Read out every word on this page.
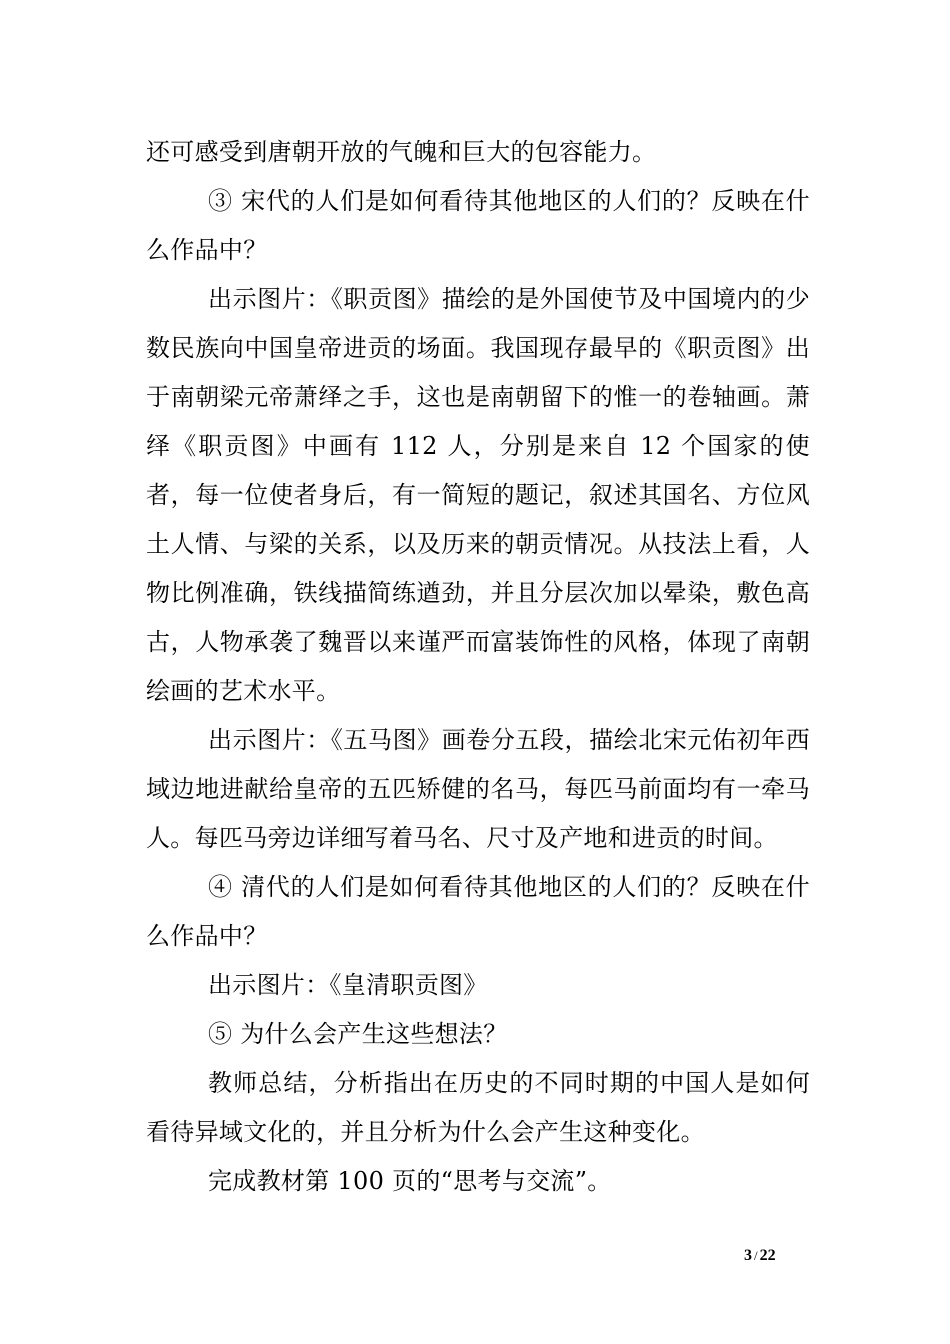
还可感受到唐朝开放的气魄和巨大的包容能力。

③ 宋代的人们是如何看待其他地区的人们的？反映在什么作品中？

出示图片：《职贡图》描绘的是外国使节及中国境内的少数民族向中国皇帝进贡的场面。我国现存最早的《职贡图》出于南朝梁元帝萧绎之手，这也是南朝留下的惟一的卷轴画。萧绎《职贡图》中画有 112 人，分别是来自 12 个国家的使者，每一位使者身后，有一简短的题记，叙述其国名、方位风土人情、与梁的关系，以及历来的朝贡情况。从技法上看，人物比例准确，铁线描简练遒劲，并且分层次加以晕染，敷色高古，人物承袭了魏晋以来谨严而富装饰性的风格，体现了南朝绘画的艺术水平。

出示图片：《五马图》画卷分五段，描绘北宋元佑初年西域边地进献给皇帝的五匹矫健的名马，每匹马前面均有一牵马人。每匹马旁边详细写着马名、尺寸及产地和进贡的时间。

④ 清代的人们是如何看待其他地区的人们的？反映在什么作品中？

出示图片：《皇清职贡图》

⑤ 为什么会产生这些想法？

教师总结，分析指出在历史的不同时期的中国人是如何看待异域文化的，并且分析为什么会产生这种变化。

完成教材第 100 页的“思考与交流”。

3 / 22
